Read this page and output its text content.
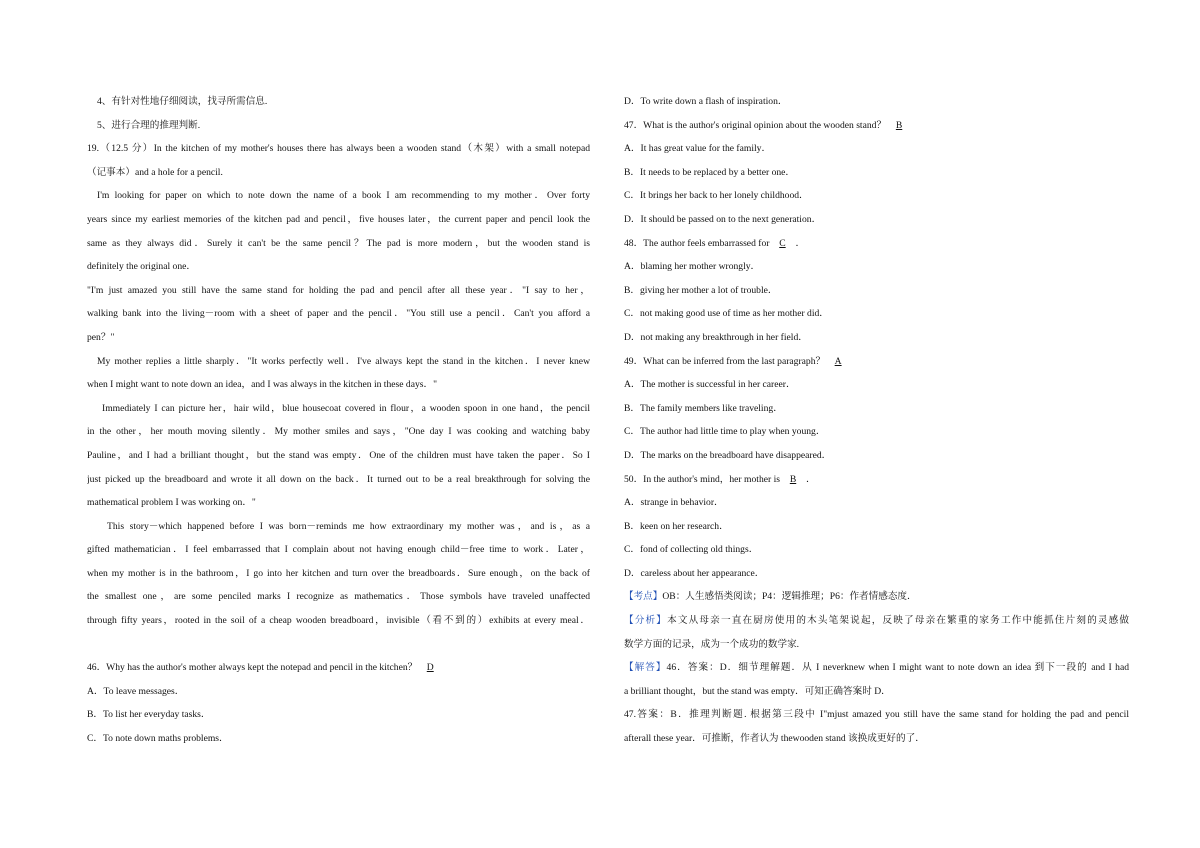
4、有针对性地仔细阅读，找寻所需信息.
5、进行合理的推理判断.
19.（12.5 分）In the kitchen of my mother's houses there has always been a wooden stand（木架）with a small notepad
（记事本）and a hole for a pencil.
I'm looking for paper on which to note down the name of a book I am recommending to my mother．Over forty
years since my earliest memories of the kitchen pad and pencil，five houses later，the current paper and pencil look the
same as they always did．Surely it can't be the same pencil？The pad is more modern，but the wooden stand is
definitely the original one．
"I'm just amazed you still have the same stand for holding the pad and pencil after all these year．"I say to her，
walking bank into the living－room with a sheet of paper and the pencil．"You still use a pencil．Can't you afford a
pen？"
My mother replies a little sharply．"It works perfectly well．I've always kept the stand in the kitchen．I never knew
when I might want to note down an idea，and I was always in the kitchen in these days．"
Immediately I can picture her，hair wild，blue housecoat covered in flour，a wooden spoon in one hand，the pencil
in the other，her mouth moving silently．My mother smiles and says，"One day I was cooking and watching baby
Pauline，and I had a brilliant thought，but the stand was empty．One of the children must have taken the paper．So I
just picked up the breadboard and wrote it all down on the back．It turned out to be a real breakthrough for solving the
mathematical problem I was working on．"
This story－which happened before I was born－reminds me how extraordinary my mother was，and is，as a
gifted mathematician．I feel embarrassed that I complain about not having enough child－free time to work．Later，
when my mother is in the bathroom，I go into her kitchen and turn over the breadboards．Sure enough，on the back of
the smallest one，are some penciled marks I recognize as mathematics．Those symbols have traveled unaffected
through fifty years，rooted in the soil of a cheap wooden breadboard，invisible（看不到的）exhibits at every meal．
46．Why has the author's mother always kept the notepad and pencil in the kitchen？ D
A．To leave messages．
B．To list her everyday tasks．
C．To note down maths problems．
D．To write down a flash of inspiration．
47．What is the author's original opinion about the wooden stand？ B
A．It has great value for the family．
B．It needs to be replaced by a better one．
C．It brings her back to her lonely childhood．
D．It should be passed on to the next generation．
48．The author feels embarrassed for C ．
A．blaming her mother wrongly．
B．giving her mother a lot of trouble．
C．not making good use of time as her mother did．
D．not making any breakthrough in her field．
49．What can be inferred from the last paragraph？ A
A．The mother is successful in her career．
B．The family members like traveling．
C．The author had little time to play when young．
D．The marks on the breadboard have disappeared．
50．In the author's mind，her mother is B ．
A．strange in behavior．
B．keen on her research．
C．fond of collecting old things．
D．careless about her appearance．
【考点】OB：人生感悟类阅读；P4：逻辑推理；P6：作者情感态度．
【分析】本文从母亲一直在厨房使用的木头笔架说起，反映了母亲在繁重的家务工作中能抓住片刻的灵感做
数学方面的记录，成为一个成功的数学家.
【解答】46．答案：D．细节理解题．从 I neverknew when I might want to note down an idea 到下一段的 and I had
a brilliant thought，but the stand was empty．可知正确答案时 D．
47.答案：B．推理判断题. 根据第三段中 I"mjust amazed you still have the same stand for holding the pad and pencil
afterall these year．可推断，作者认为 thewooden stand 该换成更好的了．
